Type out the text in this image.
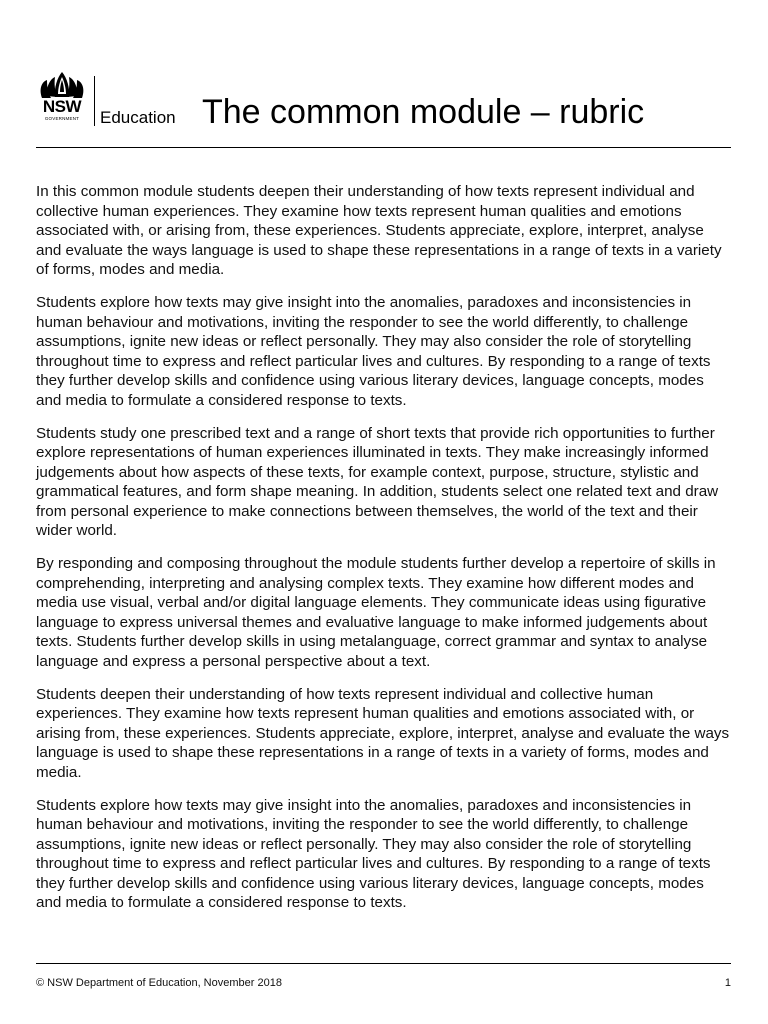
NSW
GOVERNMENT	Education The common module – rubric

In this common module students deepen their understanding of how texts represent individual and collective human experiences. They examine how texts represent human qualities and emotions associated with, or arising from, these experiences. Students appreciate, explore, interpret, analyse and evaluate the ways language is used to shape these representations in a range of texts in a variety of forms, modes and media.

Students explore how texts may give insight into the anomalies, paradoxes and inconsistencies in human behaviour and motivations, inviting the responder to see the world differently, to challenge assumptions, ignite new ideas or reflect personally. They may also consider the role of storytelling throughout time to express and reflect particular lives and cultures. By responding to a range of texts they further develop skills and confidence using various literary devices, language concepts, modes and media to formulate a considered response to texts.

Students study one prescribed text and a range of short texts that provide rich opportunities to further explore representations of human experiences illuminated in texts. They make increasingly informed judgements about how aspects of these texts, for example context, purpose, structure, stylistic and grammatical features, and form shape meaning. In addition, students select one related text and draw from personal experience to make connections between themselves, the world of the text and their wider world.

By responding and composing throughout the module students further develop a repertoire of skills in comprehending, interpreting and analysing complex texts. They examine how different modes and media use visual, verbal and/or digital language elements. They communicate ideas using figurative language to express universal themes and evaluative language to make informed judgements about texts. Students further develop skills in using metalanguage, correct grammar and syntax to analyse language and express a personal perspective about a text.

Students deepen their understanding of how texts represent individual and collective human experiences. They examine how texts represent human qualities and emotions associated with, or arising from, these experiences. Students appreciate, explore, interpret, analyse and evaluate the ways language is used to shape these representations in a range of texts in a variety of forms, modes and media.

Students explore how texts may give insight into the anomalies, paradoxes and inconsistencies in human behaviour and motivations, inviting the responder to see the world differently, to challenge assumptions, ignite new ideas or reflect personally. They may also consider the role of storytelling throughout time to express and reflect particular lives and cultures. By responding to a range of texts they further develop skills and confidence using various literary devices, language concepts, modes and media to formulate a considered response to texts.

© NSW Department of Education, November 2018	1
